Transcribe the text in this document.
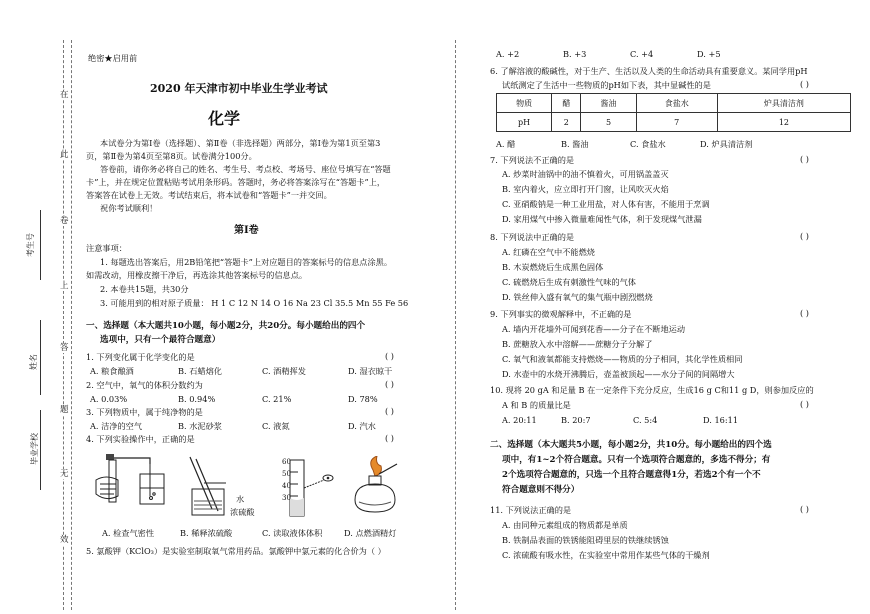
在
此
卷
上
答
题
无
效
考生号
姓名
毕业学校
绝密★启用前
2020 年天津市初中毕业生学业考试
化学
本试卷分为第Ⅰ卷（选择题）、第Ⅱ卷（非选择题）两部分，第Ⅰ卷为第1页至第3
页，第Ⅱ卷为第4页至第8页。试卷满分100分。
答卷前，请你务必将自己的姓名、考生号、考点校、考场号、座位号填写在“答题
卡”上，并在规定位置粘贴考试用条形码。答题时，务必将答案涂写在“答题卡”上，
答案答在试卷上无效。考试结束后，将本试卷和“答题卡”一并交回。
祝你考试顺利！
第Ⅰ卷
注意事项：
1. 每题选出答案后，用2B铅笔把“答题卡”上对应题目的答案标号的信息点涂黑。
如需改动，用橡皮擦干净后，再选涂其他答案标号的信息点。
2. 本卷共15题，共30分
3. 可能用到的相对原子质量： H 1 C 12 N 14 O 16 Na 23 Cl 35.5 Mn 55 Fe 56
一、选择题（本大题共10小题，每小题2分，共20分。每小题给出的四个
选项中，只有一个最符合题意）
1. 下列变化属于化学变化的是	( )
A. 粮食酿酒	B. 石蜡熔化	C. 酒精挥发	D. 湿衣晾干
2. 空气中，氧气的体积分数约为	( )
A. 0.03%	B. 0.94%	C. 21%	D. 78%
3. 下列物质中，属于纯净物的是	( )
A. 洁净的空气	B. 水泥砂浆	C. 液氮	D. 汽水
4. 下列实验操作中，正确的是	( )
水
浓硫酸
60
50
40
30
A. 检查气密性	B. 稀释浓硫酸	C. 读取液体体积	D. 点燃酒精灯
5. 氯酸钾（KClO₃）是实验室制取氧气常用药品。氯酸钾中氯元素的化合价为（ ）
A. +2	B. +3	C. +4	D. +5
6. 了解溶液的酸碱性，对于生产、生活以及人类的生命活动具有重要意义。某同学用pH
试纸测定了生活中一些物质的pH如下表，其中显碱性的是	( )
物质	醋	酱油	食盐水	炉具清洁剂
pH	2	5	7	12
A. 醋	B. 酱油	C. 食盐水	D. 炉具清洁剂
7. 下列说法不正确的是	( )
A. 炒菜时油锅中的油不慎着火，可用锅盖盖灭
B. 室内着火，应立即打开门窗，让风吹灭火焰
C. 亚硝酸钠是一种工业用盐，对人体有害，不能用于烹调
D. 家用煤气中掺入微量难闻性气体，利于发现煤气泄漏
8. 下列说法中正确的是	( )
A. 红磷在空气中不能燃烧
B. 木炭燃烧后生成黑色固体
C. 硫燃烧后生成有刺激性气味的气体
D. 铁丝伸入盛有氧气的集气瓶中剧烈燃烧
9. 下列事实的微观解释中，不正确的是	( )
A. 墙内开花墙外可闻到花香——分子在不断地运动
B. 蔗糖放入水中溶解——蔗糖分子分解了
C. 氧气和液氧都能支持燃烧——物质的分子相同，其化学性质相同
D. 水壶中的水烧开沸腾后，壶盖被顶起——水分子间的间隔增大
10. 现将 20 gA 和足量 B 在一定条件下充分反应，生成16 g C和11 g D，则参加反应的
A 和 B 的质量比是	( )
A. 20:11	B. 20:7	C. 5:4	D. 16:11
二、选择题（本大题共5小题，每小题2分，共10分。每小题给出的四个选
项中，有1~2个符合题意。只有一个选项符合题意的，多选不得分；有
2个选项符合题意的，只选一个且符合题意得1分，若选2个有一个不
符合题意则不得分）
11. 下列说法正确的是	( )
A. 由同种元素组成的物质都是单质
B. 铁制品表面的铁锈能阻碍里层的铁继续锈蚀
C. 浓硫酸有吸水性，在实验室中常用作某些气体的干燥剂
